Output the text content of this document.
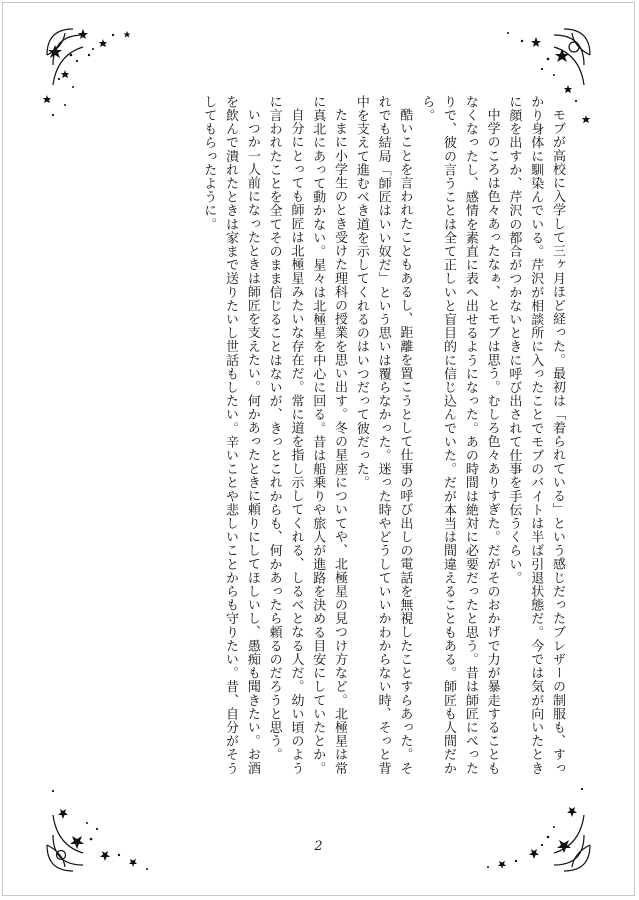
モブが高校に入学して三ヶ月ほど経った。最初は「着られている」という感じだったブレザーの制服も、すっかり身体に馴染んでいる。芹沢が相談所に入ったことでモブのバイトは半ば引退状態だ。今では気が向いたときに顔を出すか、芹沢の都合がつかないときに呼び出されて仕事を手伝うくらい。

中学のころは色々あったなぁ、とモブは思う。むしろ色々ありすぎた。だがそのおかげで力が暴走することもなくなったし、感情を素直に表へ出せるようになった。あの時間は絶対に必要だったと思う。昔は師匠にべったりで、彼の言うことは全て正しいと盲目的に信じ込んでいた。だが本当は間違えることもある。師匠も人間だから。

酷いことを言われたこともあるし、距離を置こうとして仕事の呼び出しの電話を無視したことすらあった。それでも結局「師匠はいい奴だ」という思いは覆らなかった。迷った時やどうしていいかわからない時、そっと背中を支えて進むべき道を示してくれるのはいつだって彼だった。

たまに小学生のとき受けた理科の授業を思い出す。冬の星座についてや、北極星の見つけ方など。北極星は常に真北にあって動かない。星々は北極星を中心に回る。昔は船乗りや旅人が進路を決める目安にしていたとか。

自分にとっても師匠は北極星みたいな存在だ。常に道を指し示してくれる、しるべとなる人だ。幼い頃のように言われたことを全てそのまま信じることはないが、きっとこれからも、何かあったら頼るのだろうと思う。

いつか一人前になったときは師匠を支えたい。何かあったときに頼りにしてほしいし、愚痴も聞きたい。お酒を飲んで潰れたときは家まで送りたいし世話もしたい。辛いことや悲しいことからも守りたい。昔、自分がそうしてもらったように。

2
